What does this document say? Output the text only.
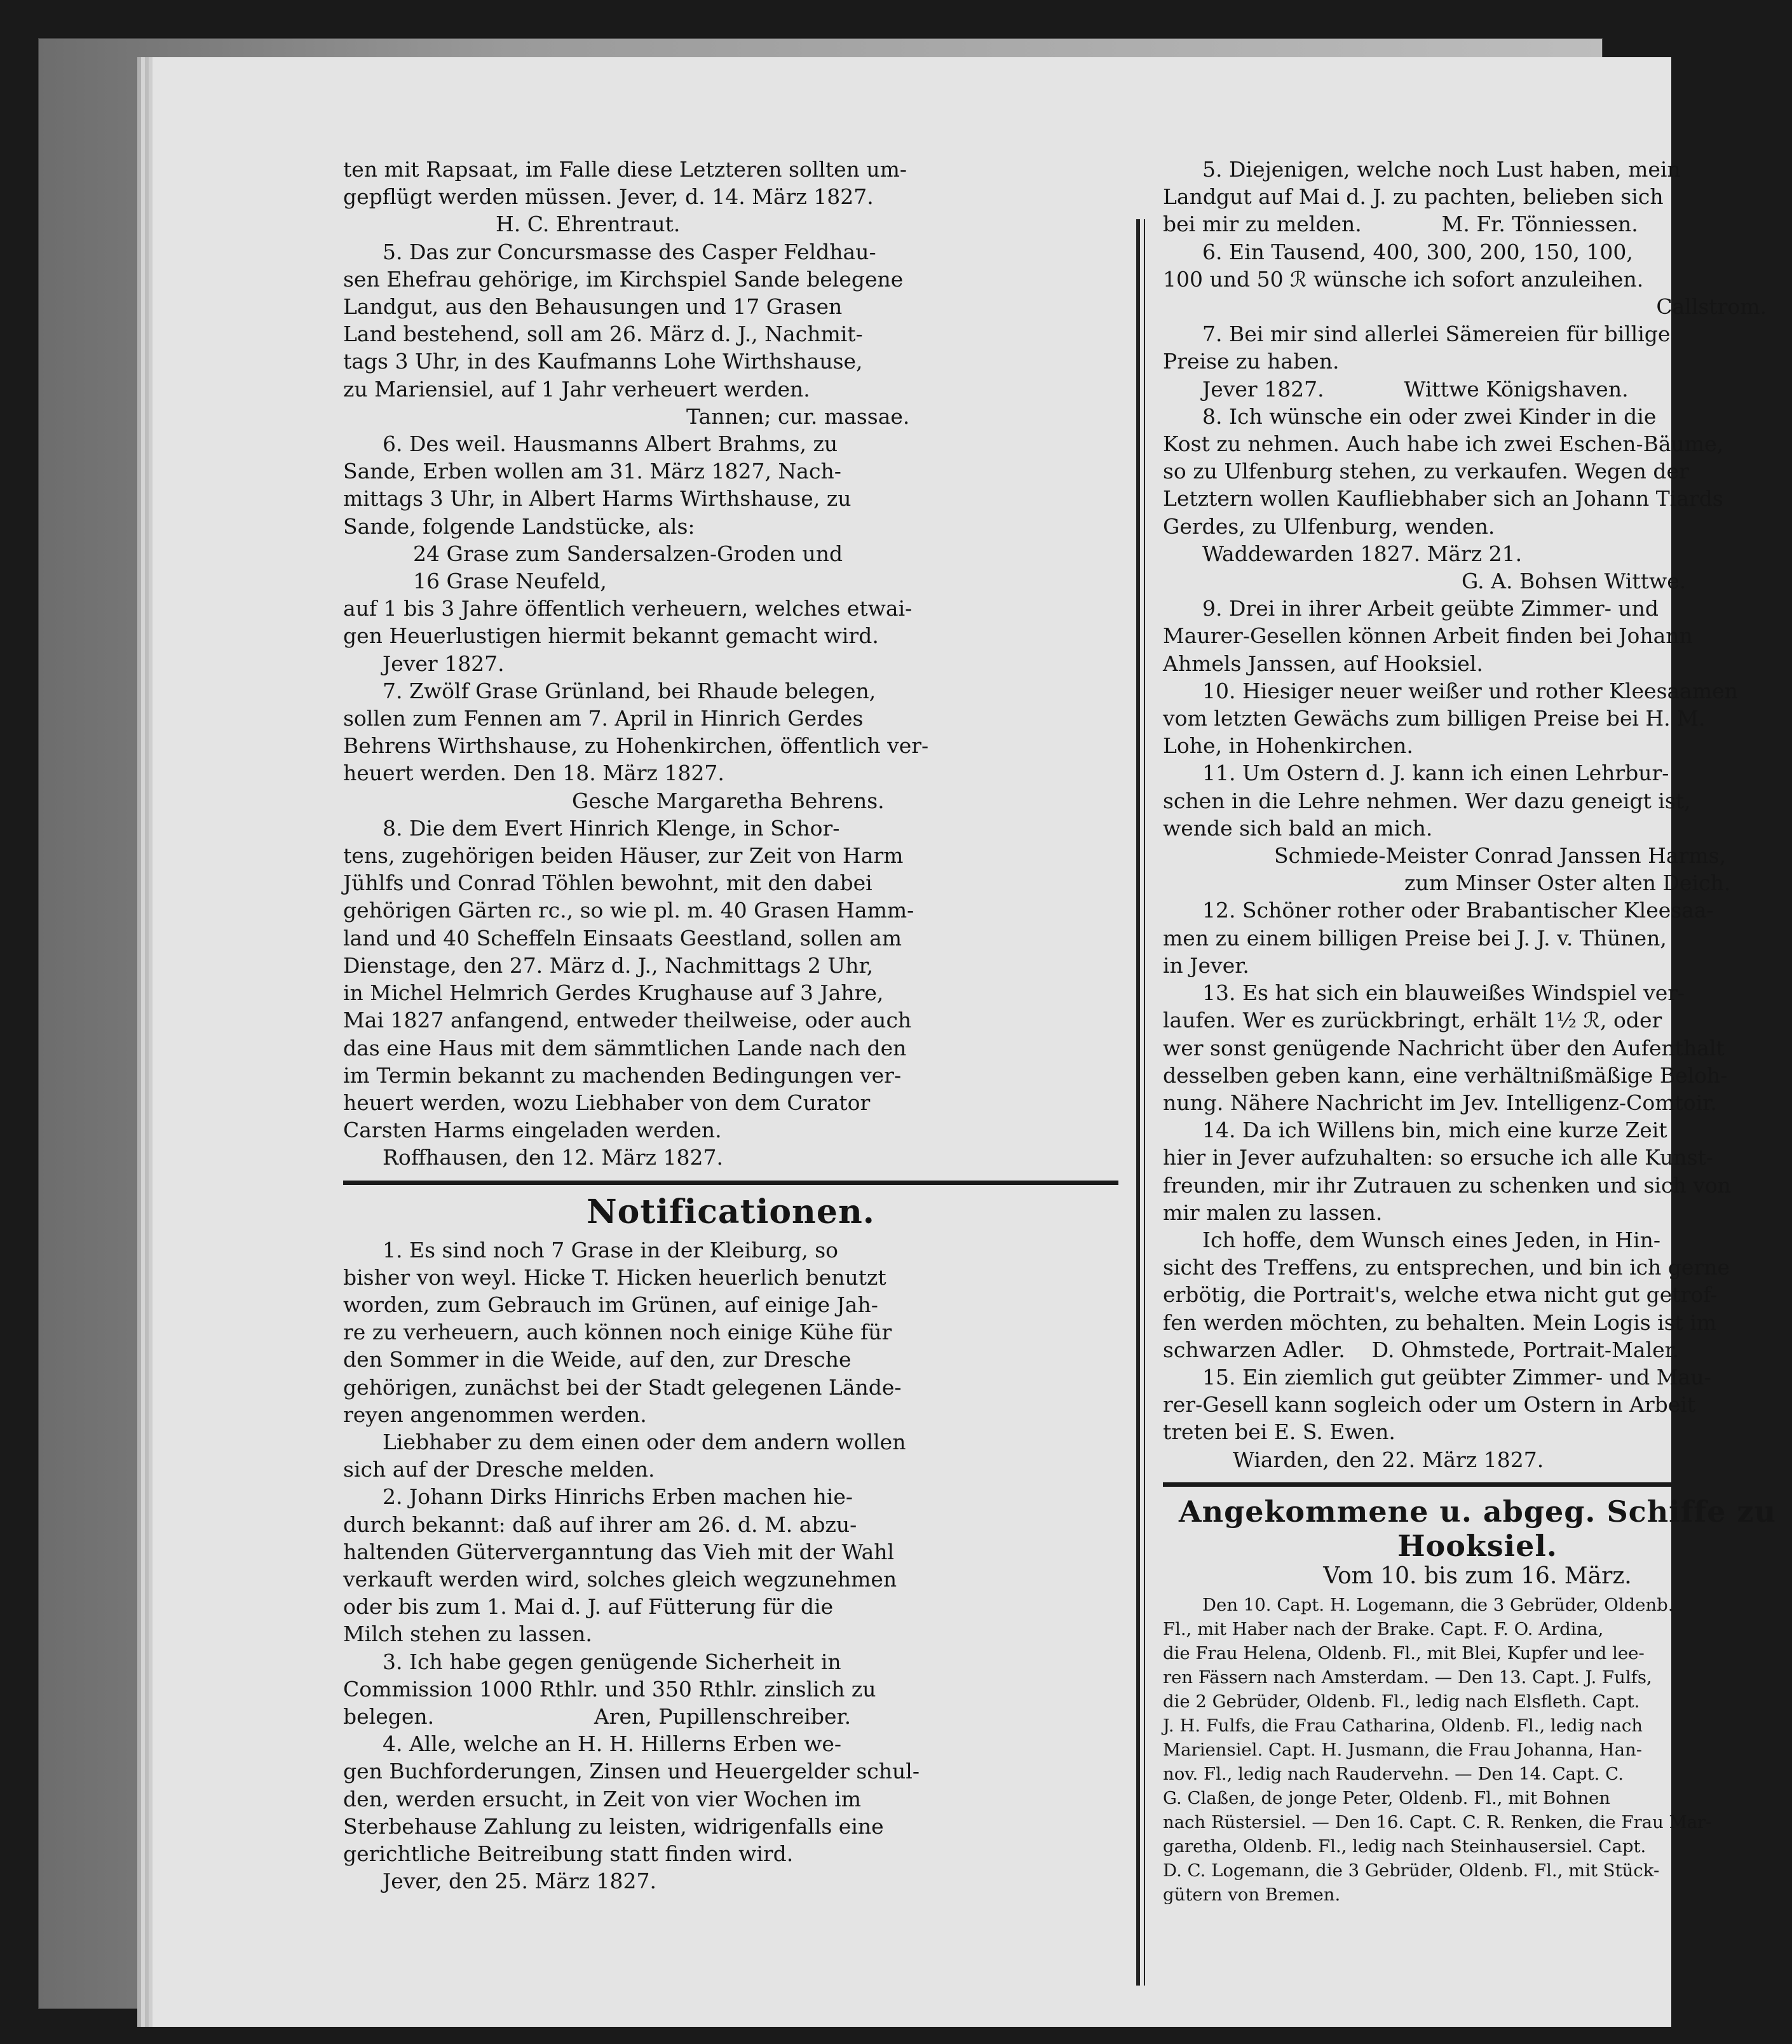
ten mit Rapsaat, im Falle diese Letzteren sollten um-
gepflügt werden müssen. Jever, d. 14. März 1827.

H. C. Ehrentraut.

5. Das zur Concursmasse des Casper Feldhau-
sen Ehefrau gehörige, im Kirchspiel Sande belegene
Landgut, aus den Behausungen und 17 Grasen
Land bestehend, soll am 26. März d. J., Nachmit-
tags 3 Uhr, in des Kaufmanns Lohe Wirthshause,
zu Mariensiel, auf 1 Jahr verheuert werden.

Tannen; cur. massae.

6. Des weil. Hausmanns Albert Brahms, zu
Sande, Erben wollen am 31. März 1827, Nach-
mittags 3 Uhr, in Albert Harms Wirthshause, zu
Sande, folgende Landstücke, als:
24 Grase zum Sandersalzen-Groden und
16 Grase Neufeld,
auf 1 bis 3 Jahre öffentlich verheuern, welches etwai-
gen Heuerlustigen hiermit bekannt gemacht wird.
Jever 1827.

7. Zwölf Grase Grünland, bei Rhaude belegen,
sollen zum Fennen am 7. April in Hinrich Gerdes
Behrens Wirthshause, zu Hohenkirchen, öffentlich ver-
heuert werden. Den 18. März 1827.

Gesche Margaretha Behrens.

8. Die dem Evert Hinrich Klenge, in Schor-
tens, zugehörigen beiden Häuser, zur Zeit von Harm
Jühlfs und Conrad Töhlen bewohnt, mit den dabei
gehörigen Gärten rc., so wie pl. m. 40 Grasen Hamm-
land und 40 Scheffeln Einsaats Geestland, sollen am
Dienstage, den 27. März d. J., Nachmittags 2 Uhr,
in Michel Helmrich Gerdes Krughause auf 3 Jahre,
Mai 1827 anfangend, entweder theilweise, oder auch
das eine Haus mit dem sämmtlichen Lande nach den
im Termin bekannt zu machenden Bedingungen ver-
heuert werden, wozu Liebhaber von dem Curator
Carsten Harms eingeladen werden.
Roffhausen, den 12. März 1827.

Notificationen.

1. Es sind noch 7 Grase in der Kleiburg, so
bisher von weyl. Hicke T. Hicken heuerlich benutzt
worden, zum Gebrauch im Grünen, auf einige Jah-
re zu verheuern, auch können noch einige Kühe für
den Sommer in die Weide, auf den, zur Dresche
gehörigen, zunächst bei der Stadt gelegenen Lände-
reyen angenommen werden.
Liebhaber zu dem einen oder dem andern wollen
sich auf der Dresche melden.

2. Johann Dirks Hinrichs Erben machen hie-
durch bekannt: daß auf ihrer am 26. d. M. abzu-
haltenden Güterverganntung das Vieh mit der Wahl
verkauft werden wird, solches gleich wegzunehmen
oder bis zum 1. Mai d. J. auf Fütterung für die
Milch stehen zu lassen.

3. Ich habe gegen genügende Sicherheit in
Commission 1000 Rthlr. und 350 Rthlr. zinslich zu
belegen.                        Aren, Pupillenschreiber.

4. Alle, welche an H. H. Hillerns Erben we-
gen Buchforderungen, Zinsen und Heuergelder schul-
den, werden ersucht, in Zeit von vier Wochen im
Sterbehause Zahlung zu leisten, widrigenfalls eine
gerichtliche Beitreibung statt finden wird.
Jever, den 25. März 1827.

5. Diejenigen, welche noch Lust haben, mein
Landgut auf Mai d. J. zu pachten, belieben sich
bei mir zu melden.            M. Fr. Tönniessen.

6. Ein Tausend, 400, 300, 200, 150, 100,
100 und 50 ℛ wünsche ich sofort anzuleihen.

Callstrom.

7. Bei mir sind allerlei Sämereien für billige
Preise zu haben.
Jever 1827.            Wittwe Königshaven.

8. Ich wünsche ein oder zwei Kinder in die
Kost zu nehmen. Auch habe ich zwei Eschen-Bäume,
so zu Ulfenburg stehen, zu verkaufen. Wegen der
Letztern wollen Kaufliebhaber sich an Johann Tiards
Gerdes, zu Ulfenburg, wenden.
Waddewarden 1827. März 21.

G. A. Bohsen Wittwe.

9. Drei in ihrer Arbeit geübte Zimmer- und
Maurer-Gesellen können Arbeit finden bei Johann
Ahmels Janssen, auf Hooksiel.

10. Hiesiger neuer weißer und rother Kleesaamen
vom letzten Gewächs zum billigen Preise bei H. M.
Lohe, in Hohenkirchen.

11. Um Ostern d. J. kann ich einen Lehrbur-
schen in die Lehre nehmen. Wer dazu geneigt ist,
wende sich bald an mich.
Schmiede-Meister Conrad Janssen Harms,
zum Minser Oster alten Deich.

12. Schöner rother oder Brabantischer Kleesaa-
men zu einem billigen Preise bei J. J. v. Thünen,
in Jever.

13. Es hat sich ein blauweißes Windspiel ver-
laufen. Wer es zurückbringt, erhält 1½ ℛ, oder
wer sonst genügende Nachricht über den Aufenthalt
desselben geben kann, eine verhältnißmäßige Beloh-
nung. Nähere Nachricht im Jev. Intelligenz-Comtoir.

14. Da ich Willens bin, mich eine kurze Zeit
hier in Jever aufzuhalten: so ersuche ich alle Kunst-
freunden, mir ihr Zutrauen zu schenken und sich von
mir malen zu lassen.
Ich hoffe, dem Wunsch eines Jeden, in Hin-
sicht des Treffens, zu entsprechen, und bin ich gerne
erbötig, die Portrait's, welche etwa nicht gut getrof-
fen werden möchten, zu behalten. Mein Logis ist im
schwarzen Adler.    D. Ohmstede, Portrait-Maler.

15. Ein ziemlich gut geübter Zimmer- und Mau-
rer-Gesell kann sogleich oder um Ostern in Arbeit
treten bei E. S. Ewen.
Wiarden, den 22. März 1827.

Angekommene u. abgeg. Schiffe zu Hooksiel.
Vom 10. bis zum 16. März.

Den 10. Capt. H. Logemann, die 3 Gebrüder, Oldenb.
Fl., mit Haber nach der Brake. Capt. F. O. Ardina,
die Frau Helena, Oldenb. Fl., mit Blei, Kupfer und lee-
ren Fässern nach Amsterdam. — Den 13. Capt. J. Fulfs,
die 2 Gebrüder, Oldenb. Fl., ledig nach Elsfleth. Capt.
J. H. Fulfs, die Frau Catharina, Oldenb. Fl., ledig nach
Mariensiel. Capt. H. Jusmann, die Frau Johanna, Han-
nov. Fl., ledig nach Raudervehn. — Den 14. Capt. C.
G. Claßen, de jonge Peter, Oldenb. Fl., mit Bohnen
nach Rüstersiel. — Den 16. Capt. C. R. Renken, die Frau Mar-
garetha, Oldenb. Fl., ledig nach Steinhausersiel. Capt.
D. C. Logemann, die 3 Gebrüder, Oldenb. Fl., mit Stück-
gütern von Bremen.
